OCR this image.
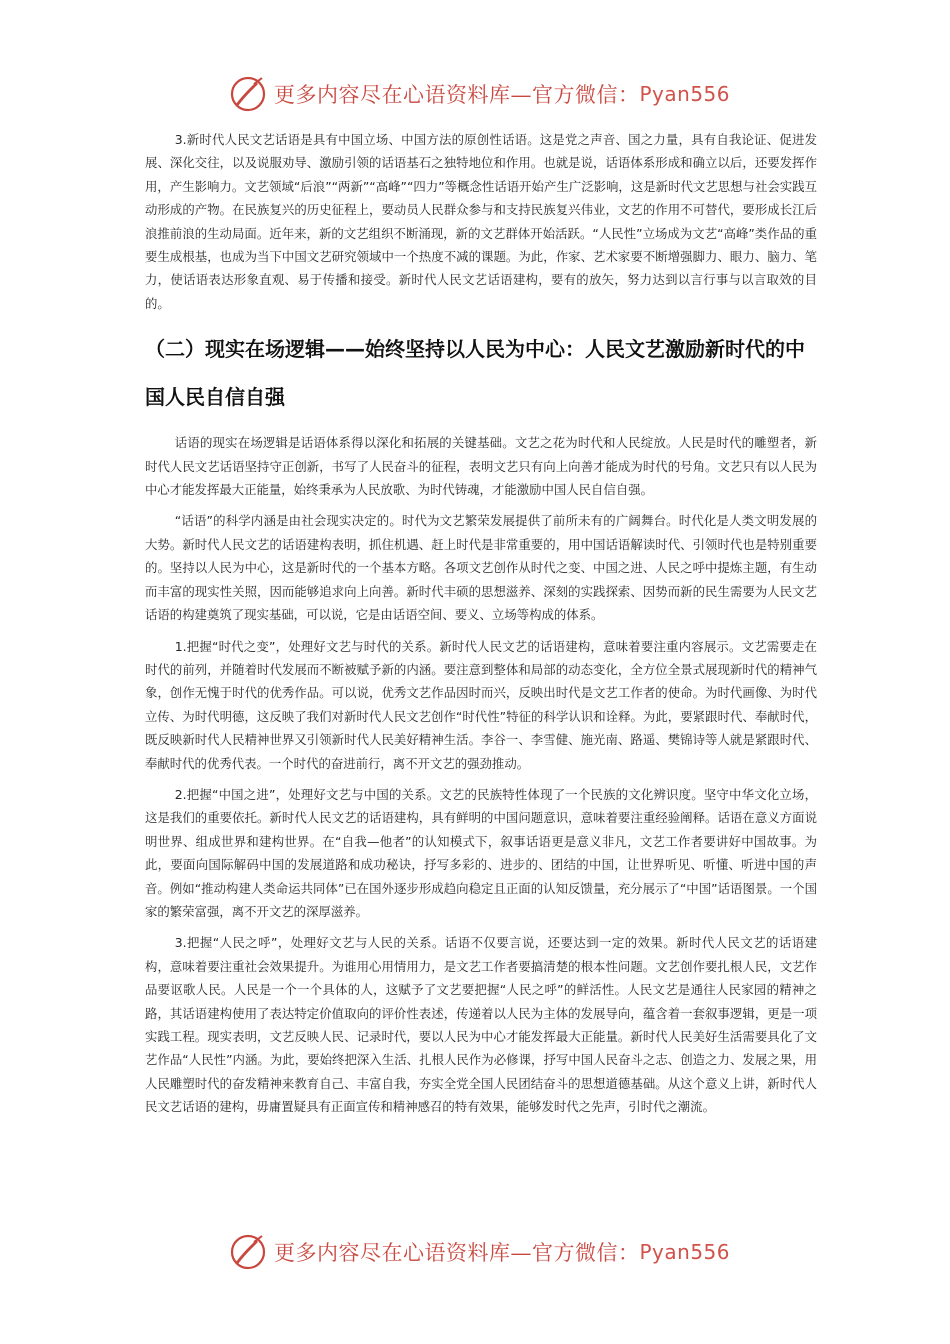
更多内容尽在心语资料库—官方微信： Pyan556

3.新时代人民文艺话语是具有中国立场、中国方法的原创性话语。这是党之声音、国之力量，具有自我论证、促进发展、深化交往，以及说服劝导、激励引领的话语基石之独特地位和作用。也就是说，话语体系形成和确立以后，还要发挥作用，产生影响力。文艺领域“后浪”“两新”“高峰”“四力”等概念性话语开始产生广泛影响，这是新时代文艺思想与社会实践互动形成的产物。在民族复兴的历史征程上，要动员人民群众参与和支持民族复兴伟业，文艺的作用不可替代，要形成长江后浪推前浪的生动局面。近年来，新的文艺组织不断涌现，新的文艺群体开始活跃。“人民性”立场成为文艺“高峰”类作品的重要生成根基，也成为当下中国文艺研究领域中一个热度不减的课题。为此，作家、艺术家要不断增强脚力、眼力、脑力、笔力，使话语表达形象直观、易于传播和接受。新时代人民文艺话语建构，要有的放矢，努力达到以言行事与以言取效的目的。

（二）现实在场逻辑——始终坚持以人民为中心：人民文艺激励新时代的中国人民自信自强

话语的现实在场逻辑是话语体系得以深化和拓展的关键基础。文艺之花为时代和人民绽放。人民是时代的雕塑者，新时代人民文艺话语坚持守正创新，书写了人民奋斗的征程，表明文艺只有向上向善才能成为时代的号角。文艺只有以人民为中心才能发挥最大正能量，始终秉承为人民放歌、为时代铸魂，才能激励中国人民自信自强。

“话语”的科学内涵是由社会现实决定的。时代为文艺繁荣发展提供了前所未有的广阔舞台。时代化是人类文明发展的大势。新时代人民文艺的话语建构表明，抓住机遇、赶上时代是非常重要的，用中国话语解读时代、引领时代也是特别重要的。坚持以人民为中心，这是新时代的一个基本方略。各项文艺创作从时代之变、中国之进、人民之呼中提炼主题，有生动而丰富的现实性关照，因而能够追求向上向善。新时代丰硕的思想滋养、深刻的实践探索、因势而新的民生需要为人民文艺话语的构建奠筑了现实基础，可以说，它是由话语空间、要义、立场等构成的体系。

1.把握“时代之变”，处理好文艺与时代的关系。新时代人民文艺的话语建构，意味着要注重内容展示。文艺需要走在时代的前列，并随着时代发展而不断被赋予新的内涵。要注意到整体和局部的动态变化，全方位全景式展现新时代的精神气象，创作无愧于时代的优秀作品。可以说，优秀文艺作品因时而兴，反映出时代是文艺工作者的使命。为时代画像、为时代立传、为时代明德，这反映了我们对新时代人民文艺创作“时代性”特征的科学认识和诠释。为此，要紧跟时代、奉献时代，既反映新时代人民精神世界又引领新时代人民美好精神生活。李谷一、李雪健、施光南、路遥、樊锦诗等人就是紧跟时代、奉献时代的优秀代表。一个时代的奋进前行，离不开文艺的强劲推动。

2.把握“中国之进”，处理好文艺与中国的关系。文艺的民族特性体现了一个民族的文化辨识度。坚守中华文化立场，这是我们的重要依托。新时代人民文艺的话语建构，具有鲜明的中国问题意识，意味着要注重经验阐释。话语在意义方面说明世界、组成世界和建构世界。在“自我—他者”的认知模式下，叙事话语更是意义非凡，文艺工作者要讲好中国故事。为此，要面向国际解码中国的发展道路和成功秘诀，抒写多彩的、进步的、团结的中国，让世界听见、听懂、听进中国的声音。例如“推动构建人类命运共同体”已在国外逐步形成趋向稳定且正面的认知反馈量，充分展示了“中国”话语图景。一个国家的繁荣富强，离不开文艺的深厚滋养。

3.把握“人民之呼”，处理好文艺与人民的关系。话语不仅要言说，还要达到一定的效果。新时代人民文艺的话语建构，意味着要注重社会效果提升。为谁用心用情用力，是文艺工作者要搞清楚的根本性问题。文艺创作要扎根人民，文艺作品要讴歌人民。人民是一个一个具体的人，这赋予了文艺要把握“人民之呼”的鲜活性。人民文艺是通往人民家园的精神之路，其话语建构使用了表达特定价值取向的评价性表述，传递着以人民为主体的发展导向，蕴含着一套叙事逻辑，更是一项实践工程。现实表明，文艺反映人民、记录时代，要以人民为中心才能发挥最大正能量。新时代人民美好生活需要具化了文艺作品“人民性”内涵。为此，要始终把深入生活、扎根人民作为必修课，抒写中国人民奋斗之志、创造之力、发展之果，用人民雕塑时代的奋发精神来教育自己、丰富自我，夯实全党全国人民团结奋斗的思想道德基础。从这个意义上讲，新时代人民文艺话语的建构，毋庸置疑具有正面宣传和精神感召的特有效果，能够发时代之先声，引时代之潮流。

更多内容尽在心语资料库—官方微信： Pyan556
